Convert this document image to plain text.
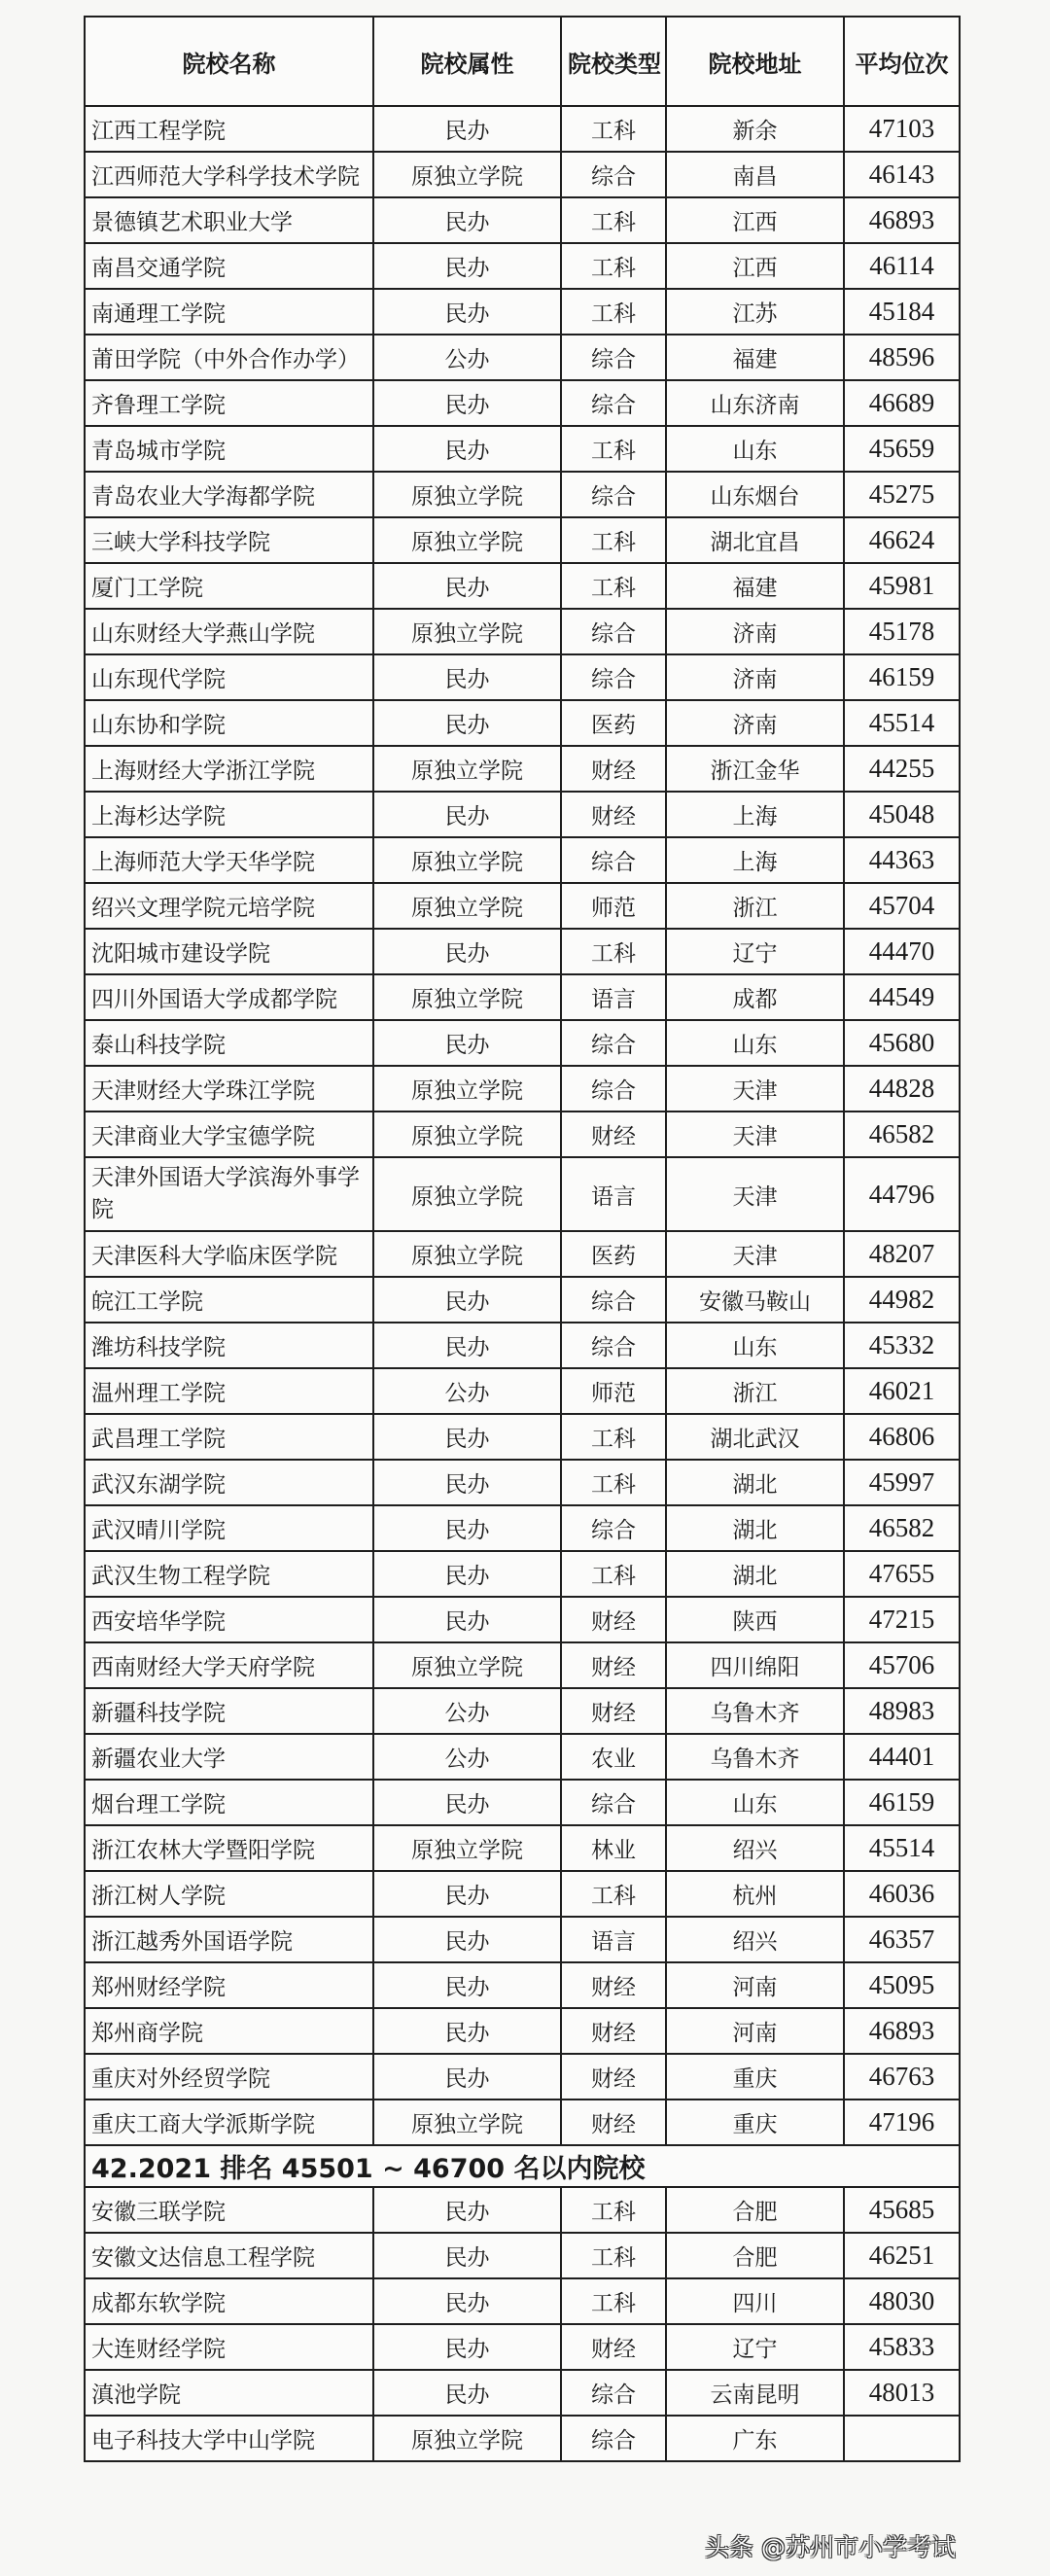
院校名称	院校属性	院校类型	院校地址	平均位次
江西工程学院	民办	工科	新余	47103
江西师范大学科学技术学院	原独立学院	综合	南昌	46143
景德镇艺术职业大学	民办	工科	江西	46893
南昌交通学院	民办	工科	江西	46114
南通理工学院	民办	工科	江苏	45184
莆田学院（中外合作办学）	公办	综合	福建	48596
齐鲁理工学院	民办	综合	山东济南	46689
青岛城市学院	民办	工科	山东	45659
青岛农业大学海都学院	原独立学院	综合	山东烟台	45275
三峡大学科技学院	原独立学院	工科	湖北宜昌	46624
厦门工学院	民办	工科	福建	45981
山东财经大学燕山学院	原独立学院	综合	济南	45178
山东现代学院	民办	综合	济南	46159
山东协和学院	民办	医药	济南	45514
上海财经大学浙江学院	原独立学院	财经	浙江金华	44255
上海杉达学院	民办	财经	上海	45048
上海师范大学天华学院	原独立学院	综合	上海	44363
绍兴文理学院元培学院	原独立学院	师范	浙江	45704
沈阳城市建设学院	民办	工科	辽宁	44470
四川外国语大学成都学院	原独立学院	语言	成都	44549
泰山科技学院	民办	综合	山东	45680
天津财经大学珠江学院	原独立学院	综合	天津	44828
天津商业大学宝德学院	原独立学院	财经	天津	46582
天津外国语大学滨海外事学院	原独立学院	语言	天津	44796
天津医科大学临床医学院	原独立学院	医药	天津	48207
皖江工学院	民办	综合	安徽马鞍山	44982
潍坊科技学院	民办	综合	山东	45332
温州理工学院	公办	师范	浙江	46021
武昌理工学院	民办	工科	湖北武汉	46806
武汉东湖学院	民办	工科	湖北	45997
武汉晴川学院	民办	综合	湖北	46582
武汉生物工程学院	民办	工科	湖北	47655
西安培华学院	民办	财经	陕西	47215
西南财经大学天府学院	原独立学院	财经	四川绵阳	45706
新疆科技学院	公办	财经	乌鲁木齐	48983
新疆农业大学	公办	农业	乌鲁木齐	44401
烟台理工学院	民办	综合	山东	46159
浙江农林大学暨阳学院	原独立学院	林业	绍兴	45514
浙江树人学院	民办	工科	杭州	46036
浙江越秀外国语学院	民办	语言	绍兴	46357
郑州财经学院	民办	财经	河南	45095
郑州商学院	民办	财经	河南	46893
重庆对外经贸学院	民办	财经	重庆	46763
重庆工商大学派斯学院	原独立学院	财经	重庆	47196
42.2021 排名 45501 ~ 46700 名以内院校				
安徽三联学院	民办	工科	合肥	45685
安徽文达信息工程学院	民办	工科	合肥	46251
成都东软学院	民办	工科	四川	48030
大连财经学院	民办	财经	辽宁	45833
滇池学院	民办	综合	云南昆明	48013
电子科技大学中山学院	原独立学院	综合	广东	
头条 @苏州市小学考试
